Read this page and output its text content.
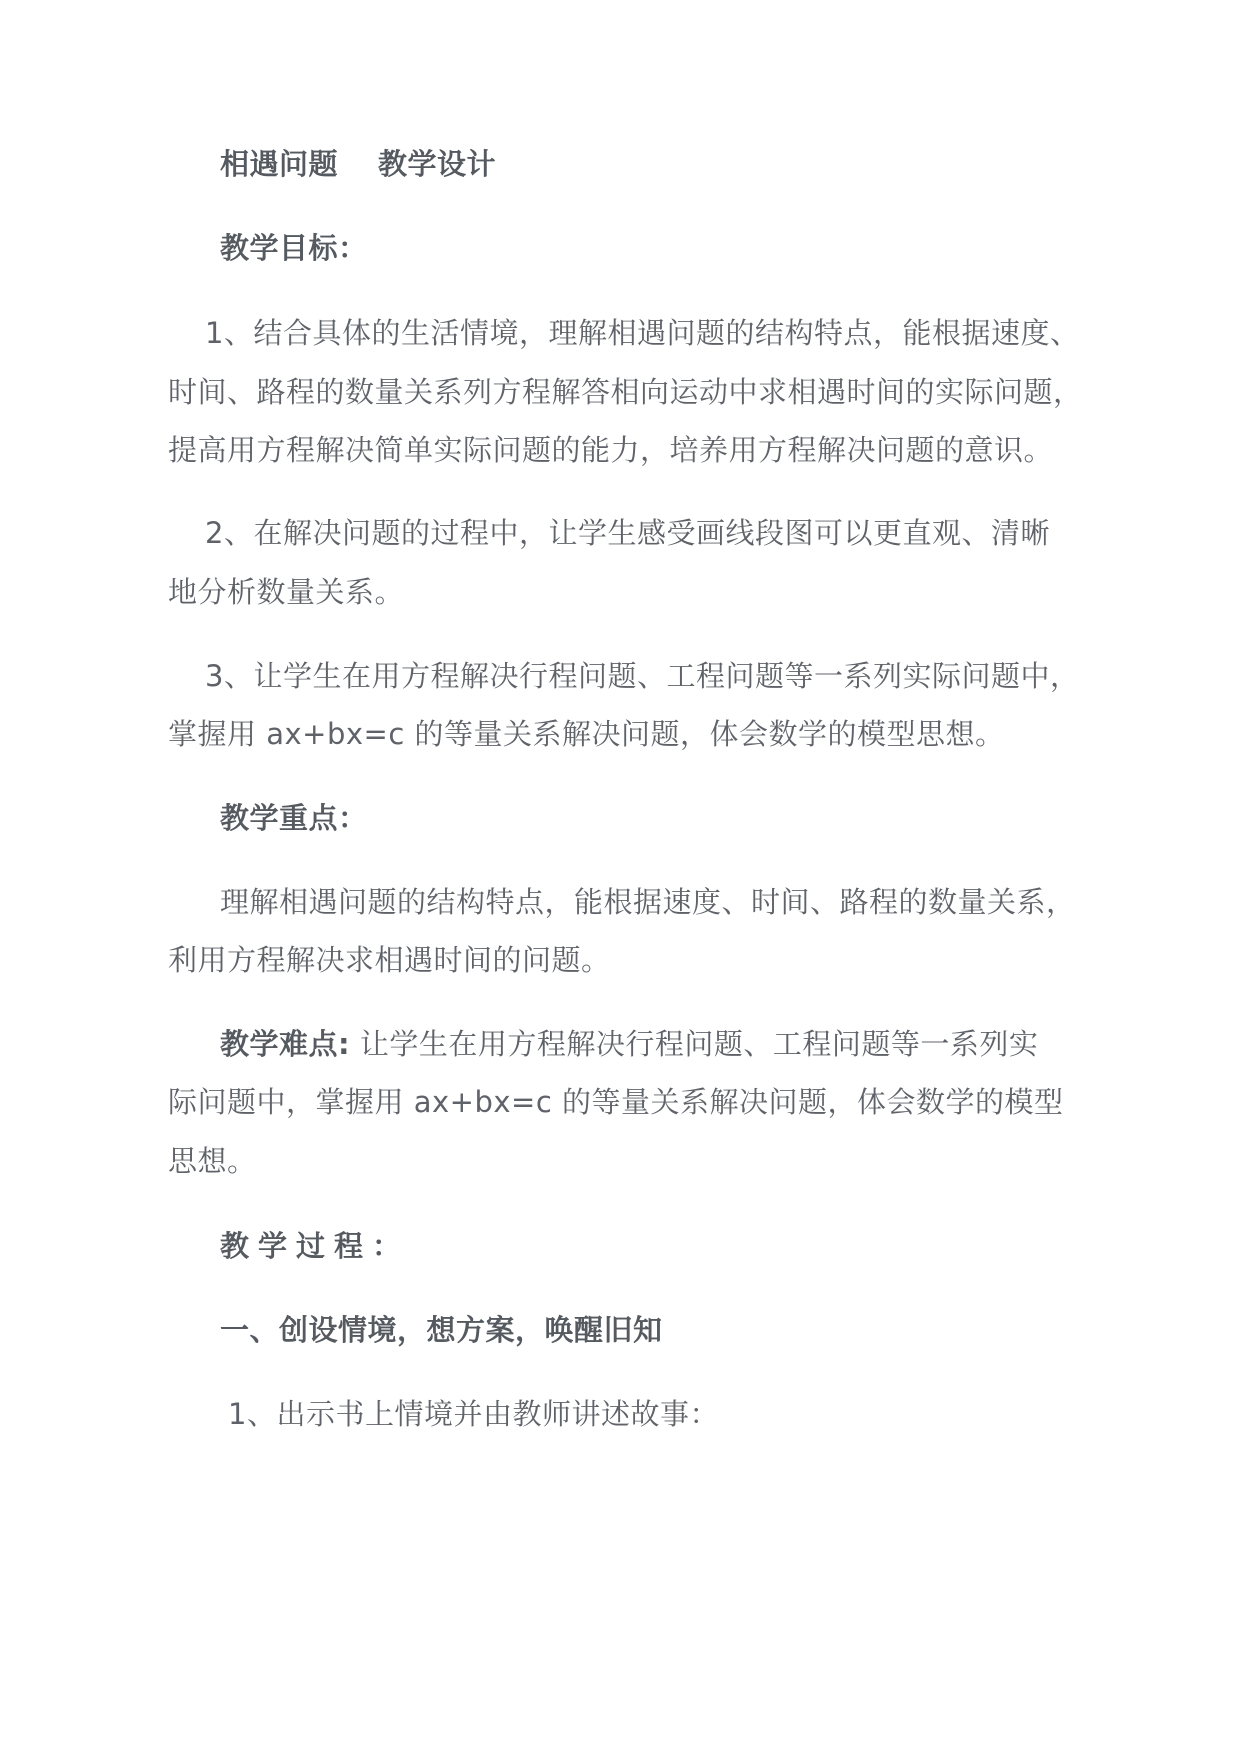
相遇问题 教学设计
教学目标：
1、结合具体的生活情境，理解相遇问题的结构特点，能根据速度、
时间、路程的数量关系列方程解答相向运动中求相遇时间的实际问题，
提高用方程解决简单实际问题的能力，培养用方程解决问题的意识。
2、在解决问题的过程中，让学生感受画线段图可以更直观、清晰
地分析数量关系。
3、让学生在用方程解决行程问题、工程问题等一系列实际问题中，
掌握用 ax+bx=c 的等量关系解决问题，体会数学的模型思想。
教学重点：
理解相遇问题的结构特点，能根据速度、时间、路程的数量关系，
利用方程解决求相遇时间的问题。
教学难点: 让学生在用方程解决行程问题、工程问题等一系列实
际问题中，掌握用 ax+bx=c 的等量关系解决问题，体会数学的模型
思想。
教学过程：
一、创设情境，想方案，唤醒旧知
1、出示书上情境并由教师讲述故事：
